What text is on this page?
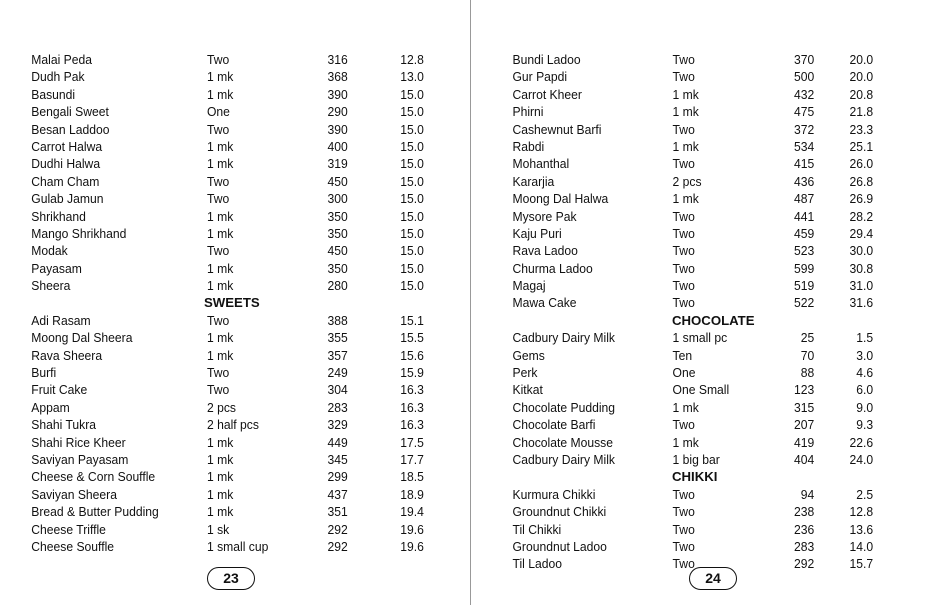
Malai Peda	Two	316	12.8
Dudh Pak	1 mk	368	13.0
Basundi	1 mk	390	15.0
Bengali Sweet	One	290	15.0
Besan Laddoo	Two	390	15.0
Carrot Halwa	1 mk	400	15.0
Dudhi Halwa	1 mk	319	15.0
Cham Cham	Two	450	15.0
Gulab Jamun	Two	300	15.0
Shrikhand	1 mk	350	15.0
Mango Shrikhand	1 mk	350	15.0
Modak	Two	450	15.0
Payasam	1 mk	350	15.0
Sheera	1 mk	280	15.0
SWEETS
Adi Rasam	Two	388	15.1
Moong Dal Sheera	1 mk	355	15.5
Rava Sheera	1 mk	357	15.6
Burfi	Two	249	15.9
Fruit Cake	Two	304	16.3
Appam	2 pcs	283	16.3
Shahi Tukra	2 half pcs	329	16.3
Shahi Rice Kheer	1 mk	449	17.5
Saviyan Payasam	1 mk	345	17.7
Cheese & Corn Souffle	1 mk	299	18.5
Saviyan Sheera	1 mk	437	18.9
Bread & Butter Pudding	1 mk	351	19.4
Cheese Triffle	1 sk	292	19.6
Cheese Souffle	1 small cup	292	19.6
23
Bundi Ladoo	Two	370	20.0
Gur Papdi	Two	500	20.0
Carrot Kheer	1 mk	432	20.8
Phirni	1 mk	475	21.8
Cashewnut Barfi	Two	372	23.3
Rabdi	1 mk	534	25.1
Mohanthal	Two	415	26.0
Kararjia	2 pcs	436	26.8
Moong Dal Halwa	1 mk	487	26.9
Mysore Pak	Two	441	28.2
Kaju Puri	Two	459	29.4
Rava Ladoo	Two	523	30.0
Churma Ladoo	Two	599	30.8
Magaj	Two	519	31.0
Mawa Cake	Two	522	31.6
CHOCOLATE
Cadbury Dairy Milk	1 small pc	25	1.5
Gems	Ten	70	3.0
Perk	One	88	4.6
Kitkat	One Small	123	6.0
Chocolate Pudding	1 mk	315	9.0
Chocolate Barfi	Two	207	9.3
Chocolate Mousse	1 mk	419	22.6
Cadbury Dairy Milk	1 big bar	404	24.0
CHIKKI
Kurmura Chikki	Two	94	2.5
Groundnut Chikki	Two	238	12.8
Til Chikki	Two	236	13.6
Groundnut Ladoo	Two	283	14.0
Til Ladoo	Two	292	15.7
24
